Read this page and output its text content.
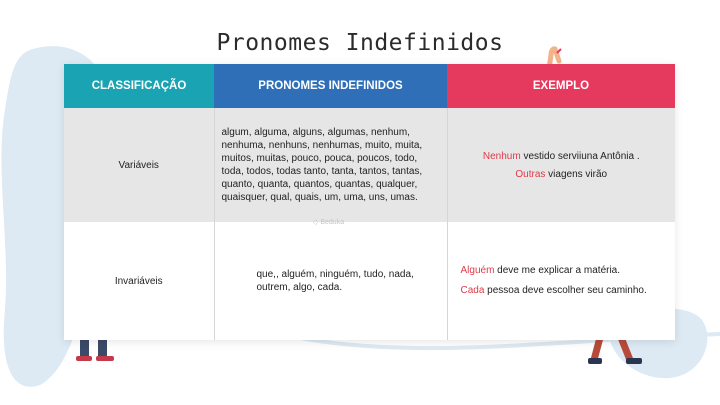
Pronomes Indefinidos
CLASSIFICAÇÃO	PRONOMES INDEFINIDOS	EXEMPLO
Variáveis	algum, alguma, alguns, algumas, nenhum, nenhuma, nenhuns, nenhumas, muito, muita, muitos, muitas, pouco, pouca, poucos, todo, toda, todos, todas tanto, tanta, tantos, tantas, quanto, quanta, quantos, quantas, qualquer, quaisquer, qual, quais, um, uma, uns, umas.	Nenhum vestido serviiuna Antônia .
Outras viagens virão

Invariáveis	que,, alguém, ninguém, tudo, nada, outrem, algo, cada.	Alguém deve me explicar a matéria.
Cada pessoa deve escolher seu caminho.
◇ Beduka
